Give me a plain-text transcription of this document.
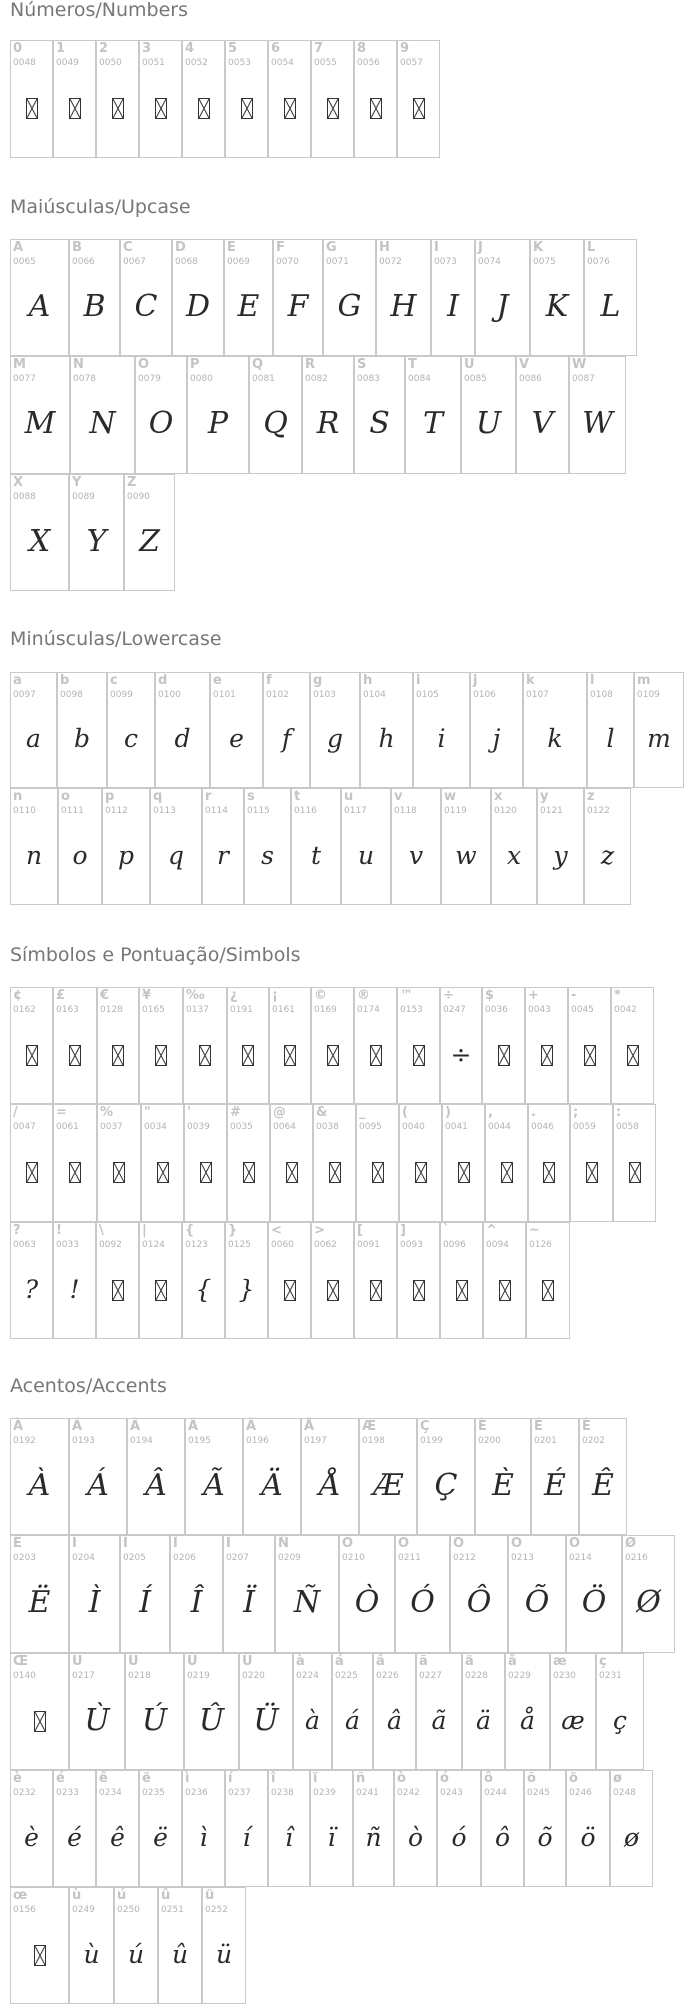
Números/Numbers
0
0048
1
0049
2
0050
3
0051
4
0052
5
0053
6
0054
7
0055
8
0056
9
0057
Maiúsculas/Upcase
A
0065
A
B
0066
B
C
0067
C
D
0068
D
E
0069
E
F
0070
F
G
0071
G
H
0072
H
I
0073
I
J
0074
J
K
0075
K
L
0076
L
M
0077
M
N
0078
N
O
0079
O
P
0080
P
Q
0081
Q
R
0082
R
S
0083
S
T
0084
T
U
0085
U
V
0086
V
W
0087
W
X
0088
X
Y
0089
Y
Z
0090
Z
Minúsculas/Lowercase
a
0097
a
b
0098
b
c
0099
c
d
0100
d
e
0101
e
f
0102
f
g
0103
g
h
0104
h
i
0105
i
j
0106
j
k
0107
k
l
0108
l
m
0109
m
n
0110
n
o
0111
o
p
0112
p
q
0113
q
r
0114
r
s
0115
s
t
0116
t
u
0117
u
v
0118
v
w
0119
w
x
0120
x
y
0121
y
z
0122
z
Símbolos e Pontuação/Simbols
¢
0162
£
0163
€
0128
¥
0165
‰
0137
¿
0191
¡
0161
©
0169
®
0174
™
0153
÷
0247
÷
$
0036
+
0043
-
0045
*
0042
/
0047
=
0061
%
0037
"
0034
'
0039
#
0035
@
0064
&
0038
_
0095
(
0040
)
0041
,
0044
.
0046
;
0059
:
0058
?
0063
?
!
0033
!
\
0092
|
0124
{
0123
{
}
0125
}
<
0060
>
0062
[
0091
]
0093
`
0096
^
0094
~
0126
Acentos/Accents
À
0192
À
Á
0193
Á
Â
0194
Â
Ã
0195
Ã
Ä
0196
Ä
Å
0197
Å
Æ
0198
Æ
Ç
0199
Ç
È
0200
È
É
0201
É
Ê
0202
Ê
Ë
0203
Ë
Ì
0204
Ì
Í
0205
Í
Î
0206
Î
Ï
0207
Ï
Ñ
0209
Ñ
Ò
0210
Ò
Ó
0211
Ó
Ô
0212
Ô
Õ
0213
Õ
Ö
0214
Ö
Ø
0216
Ø
Œ
0140
Ù
0217
Ù
Ú
0218
Ú
Û
0219
Û
Ü
0220
Ü
à
0224
à
á
0225
á
â
0226
â
ã
0227
ã
ä
0228
ä
å
0229
å
æ
0230
æ
ç
0231
ç
è
0232
è
é
0233
é
ê
0234
ê
ë
0235
ë
ì
0236
ì
í
0237
í
î
0238
î
ï
0239
ï
ñ
0241
ñ
ò
0242
ò
ó
0243
ó
ô
0244
ô
õ
0245
õ
ö
0246
ö
ø
0248
ø
œ
0156
ù
0249
ù
ú
0250
ú
û
0251
û
ü
0252
ü
